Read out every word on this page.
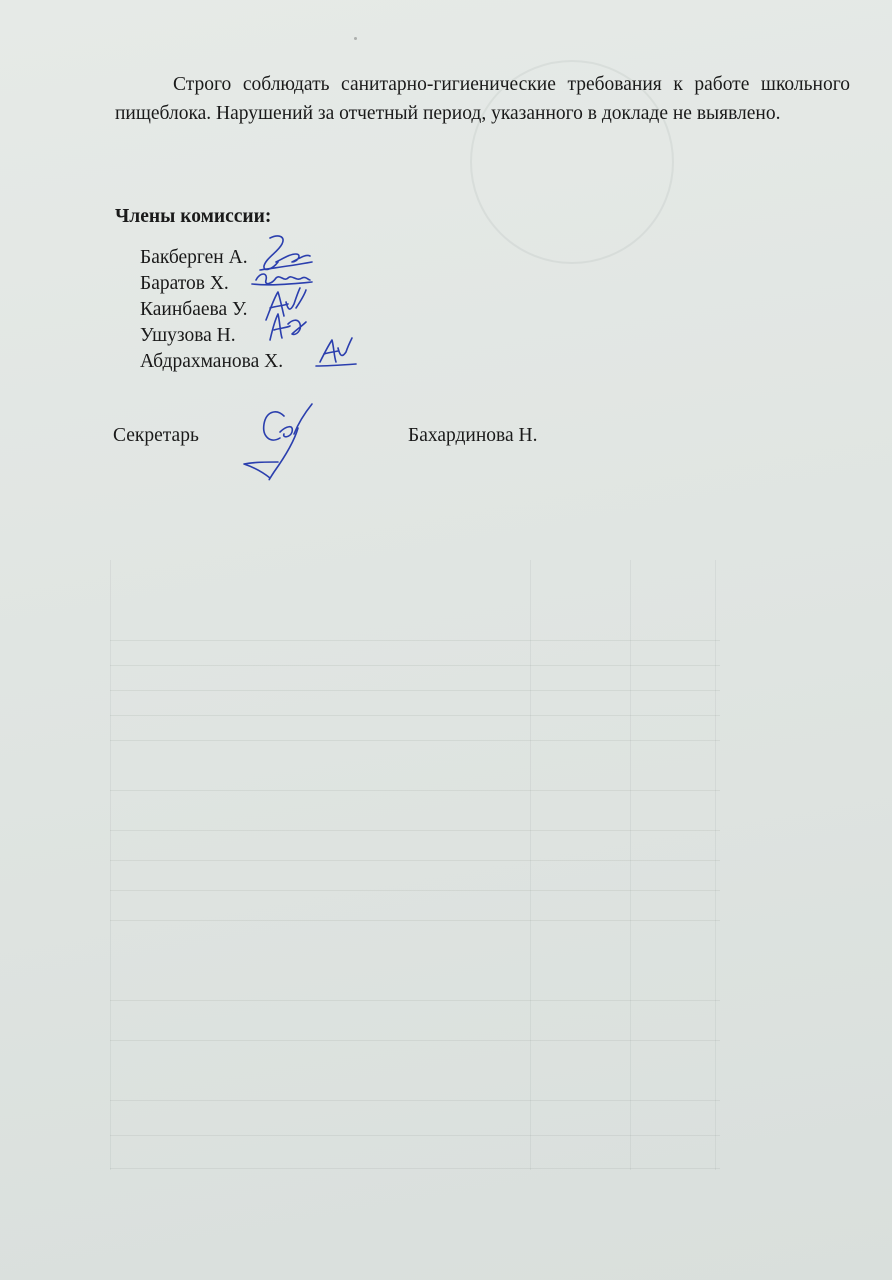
Строго соблюдать санитарно-гигиенические требования к работе школьного пищеблока. Нарушений за отчетный период, указанного в докладе не выявлено.

Члены комиссии:

Бакберген А.
Баратов Х.
Каинбаева У.
Ушузова Н.
Абдрахманова Х.

Секретарь	Бахардинова Н.
